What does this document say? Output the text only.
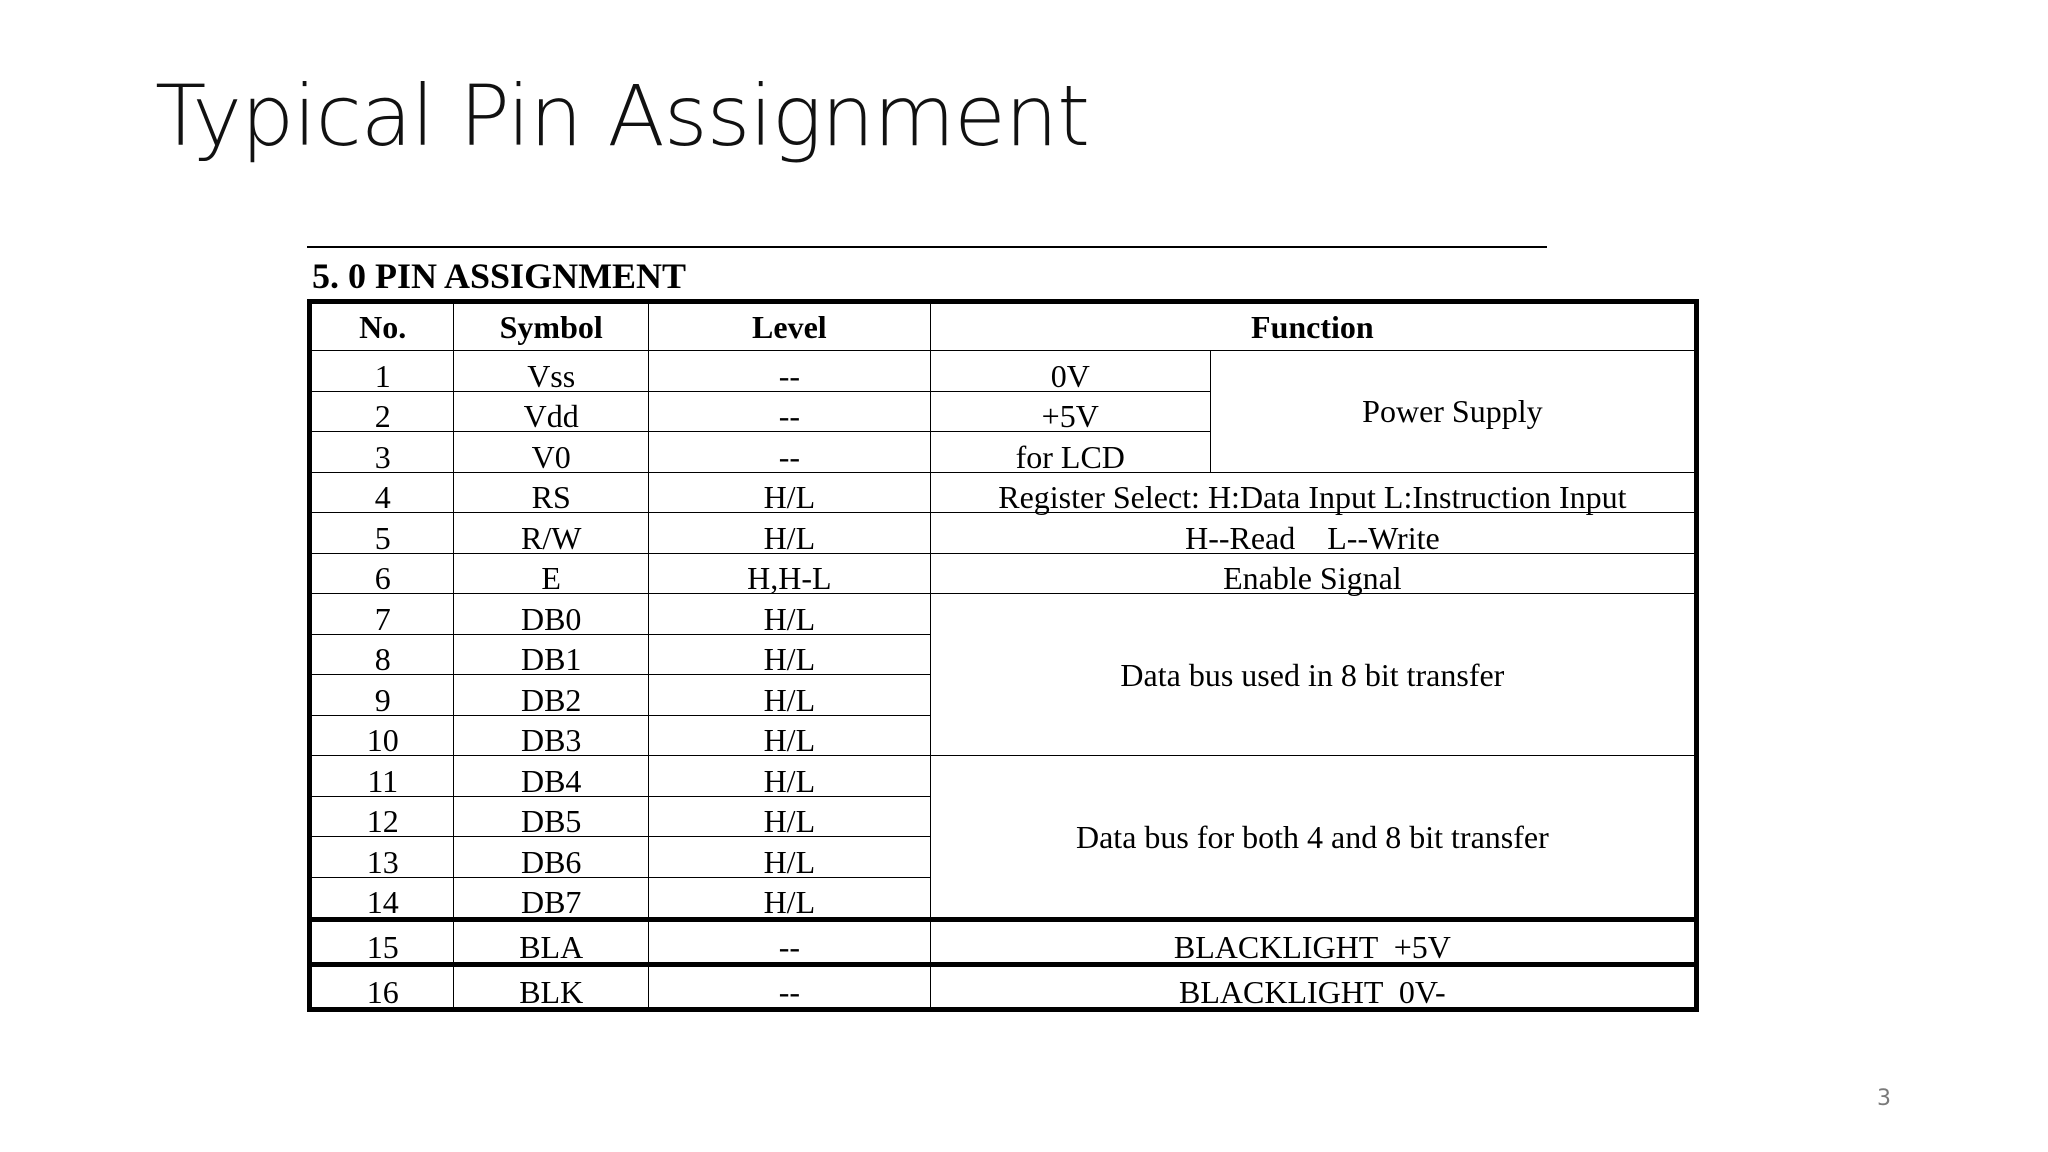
Typical Pin Assignment
5. 0 PIN ASSIGNMENT
No.	Symbol	Level	Function	
1	Vss	--	0V	Power Supply
2	Vdd	--	+5V	
3	V0	--	for LCD	
4	RS	H/L	Register Select: H:Data Input L:Instruction Input	
5	R/W	H/L	H--Read    L--Write	
6	E	H,H-L	Enable Signal	
7	DB0	H/L	Data bus used in 8 bit transfer	
8	DB1	H/L		
9	DB2	H/L		
10	DB3	H/L		
11	DB4	H/L	Data bus for both 4 and 8 bit transfer	
12	DB5	H/L		
13	DB6	H/L		
14	DB7	H/L		
15	BLA	--	BLACKLIGHT  +5V	
16	BLK	--	BLACKLIGHT  0V-	
3
